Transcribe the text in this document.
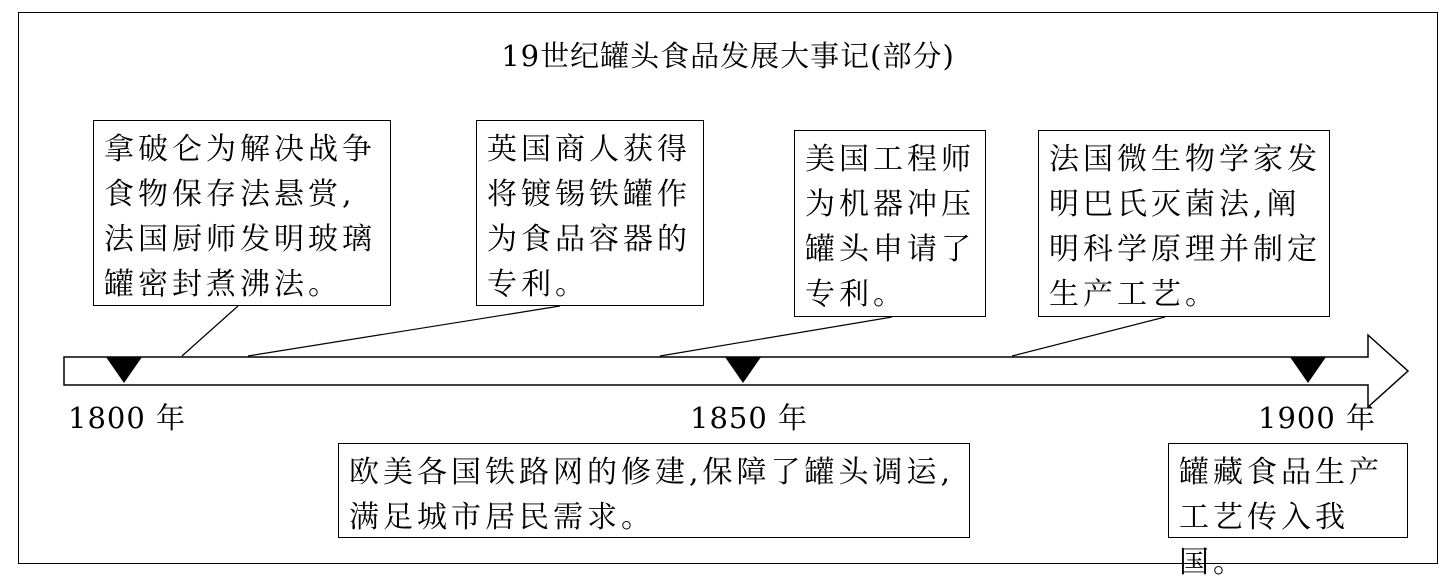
19世纪罐头食品发展大事记(部分)
1800 年	1850 年	1900 年
拿破仑为解决战争
食物保存法悬赏,
法国厨师发明玻璃
罐密封煮沸法。
英国商人获得
将镀锡铁罐作
为食品容器的
专利。
美国工程师
为机器冲压
罐头申请了
专利。
法国微生物学家发
明巴氏灭菌法,阐
明科学原理并制定
生产工艺。
欧美各国铁路网的修建,保障了罐头调运,
满足城市居民需求。
罐藏食品生产
工艺传入我国。
